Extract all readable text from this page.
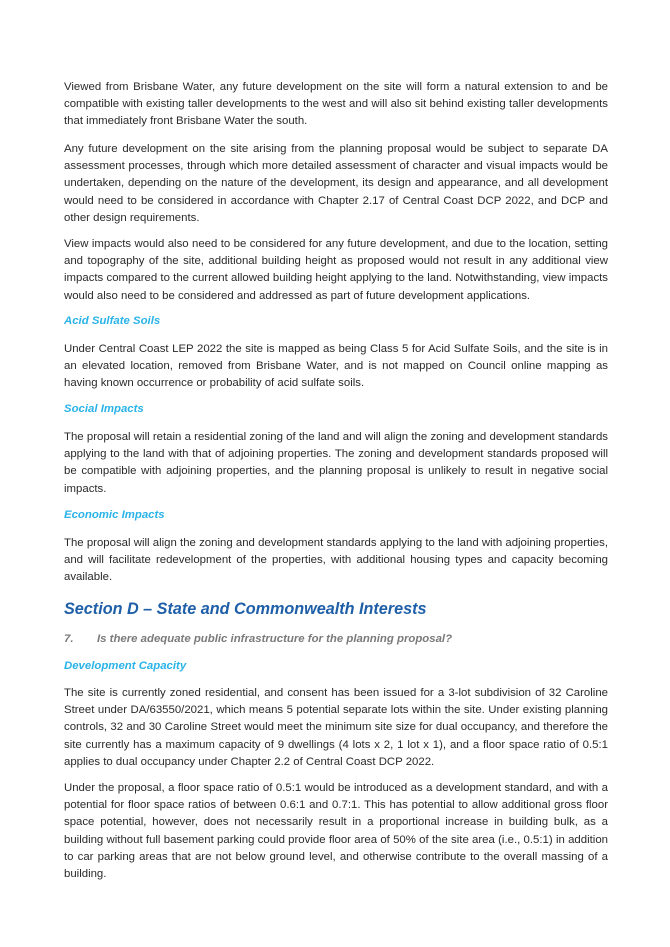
Viewed from Brisbane Water, any future development on the site will form a natural extension to and be compatible with existing taller developments to the west and will also sit behind existing taller developments that immediately front Brisbane Water the south.

Any future development on the site arising from the planning proposal would be subject to separate DA assessment processes, through which more detailed assessment of character and visual impacts would be undertaken, depending on the nature of the development, its design and appearance, and all development would need to be considered in accordance with Chapter 2.17 of Central Coast DCP 2022, and DCP and other design requirements.

View impacts would also need to be considered for any future development, and due to the location, setting and topography of the site, additional building height as proposed would not result in any additional view impacts compared to the current allowed building height applying to the land. Notwithstanding, view impacts would also need to be considered and addressed as part of future development applications.

Acid Sulfate Soils

Under Central Coast LEP 2022 the site is mapped as being Class 5 for Acid Sulfate Soils, and the site is in an elevated location, removed from Brisbane Water, and is not mapped on Council online mapping as having known occurrence or probability of acid sulfate soils.

Social Impacts

The proposal will retain a residential zoning of the land and will align the zoning and development standards applying to the land with that of adjoining properties. The zoning and development standards proposed will be compatible with adjoining properties, and the planning proposal is unlikely to result in negative social impacts.

Economic Impacts

The proposal will align the zoning and development standards applying to the land with adjoining properties, and will facilitate redevelopment of the properties, with additional housing types and capacity becoming available.

Section D – State and Commonwealth Interests

7. Is there adequate public infrastructure for the planning proposal?

Development Capacity

The site is currently zoned residential, and consent has been issued for a 3-lot subdivision of 32 Caroline Street under DA/63550/2021, which means 5 potential separate lots within the site. Under existing planning controls, 32 and 30 Caroline Street would meet the minimum site size for dual occupancy, and therefore the site currently has a maximum capacity of 9 dwellings (4 lots x 2, 1 lot x 1), and a floor space ratio of 0.5:1 applies to dual occupancy under Chapter 2.2 of Central Coast DCP 2022.

Under the proposal, a floor space ratio of 0.5:1 would be introduced as a development standard, and with a potential for floor space ratios of between 0.6:1 and 0.7:1. This has potential to allow additional gross floor space potential, however, does not necessarily result in a proportional increase in building bulk, as a building without full basement parking could provide floor area of 50% of the site area (i.e., 0.5:1) in addition to car parking areas that are not below ground level, and otherwise contribute to the overall massing of a building.
